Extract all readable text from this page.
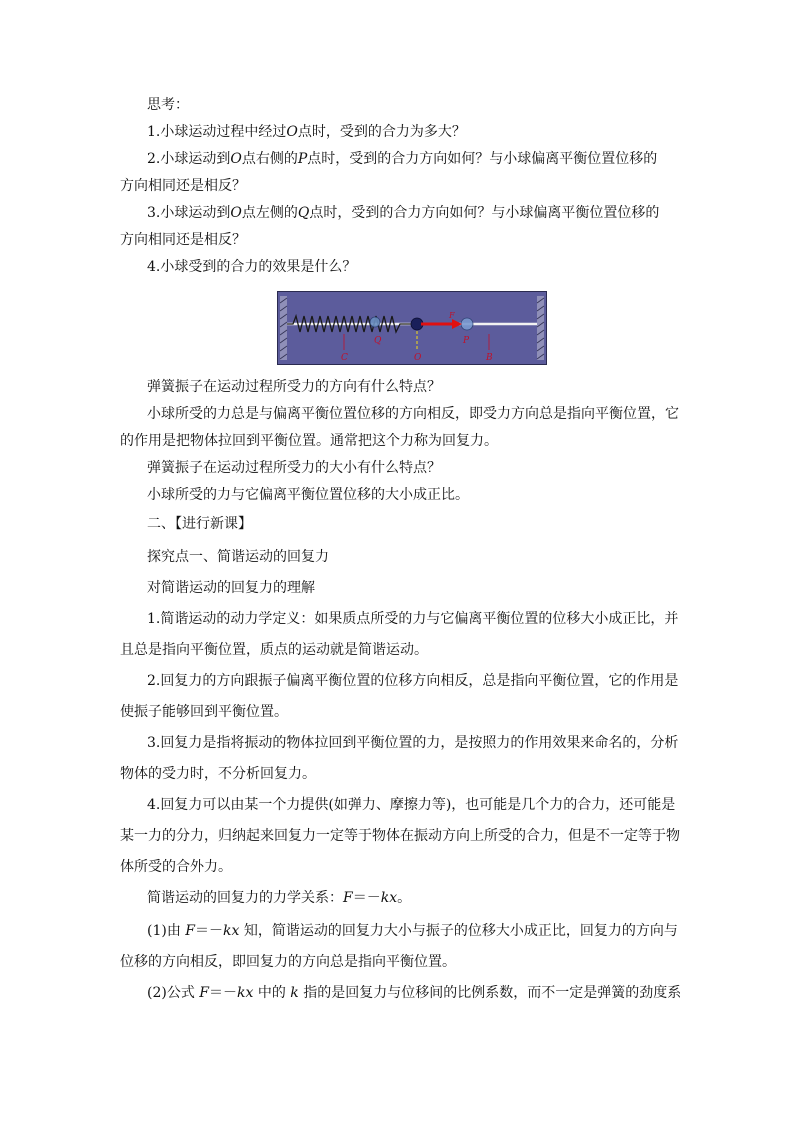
思考：
1.小球运动过程中经过O点时，受到的合力为多大？
2.小球运动到O点右侧的P点时，受到的合力方向如何？与小球偏离平衡位置位移的
方向相同还是相反？
3.小球运动到O点左侧的Q点时，受到的合力方向如何？与小球偏离平衡位置位移的
方向相同还是相反？
4.小球受到的合力的效果是什么？
C
Q
O
P
B
F
弹簧振子在运动过程所受力的方向有什么特点？
小球所受的力总是与偏离平衡位置位移的方向相反，即受力方向总是指向平衡位置，它
的作用是把物体拉回到平衡位置。通常把这个力称为回复力。
弹簧振子在运动过程所受力的大小有什么特点？
小球所受的力与它偏离平衡位置位移的大小成正比。
二、【进行新课】
探究点一、简谐运动的回复力
对简谐运动的回复力的理解
1.简谐运动的动力学定义：如果质点所受的力与它偏离平衡位置的位移大小成正比，并
且总是指向平衡位置，质点的运动就是简谐运动。
2.回复力的方向跟振子偏离平衡位置的位移方向相反，总是指向平衡位置，它的作用是
使振子能够回到平衡位置。
3.回复力是指将振动的物体拉回到平衡位置的力，是按照力的作用效果来命名的，分析
物体的受力时，不分析回复力。
4.回复力可以由某一个力提供(如弹力、摩擦力等)，也可能是几个力的合力，还可能是
某一力的分力，归纳起来回复力一定等于物体在振动方向上所受的合力，但是不一定等于物
体所受的合外力。
简谐运动的回复力的力学关系：F＝－kx。
(1)由 F＝－kx 知，简谐运动的回复力大小与振子的位移大小成正比，回复力的方向与
位移的方向相反，即回复力的方向总是指向平衡位置。
(2)公式 F＝－kx 中的 k 指的是回复力与位移间的比例系数，而不一定是弹簧的劲度系
